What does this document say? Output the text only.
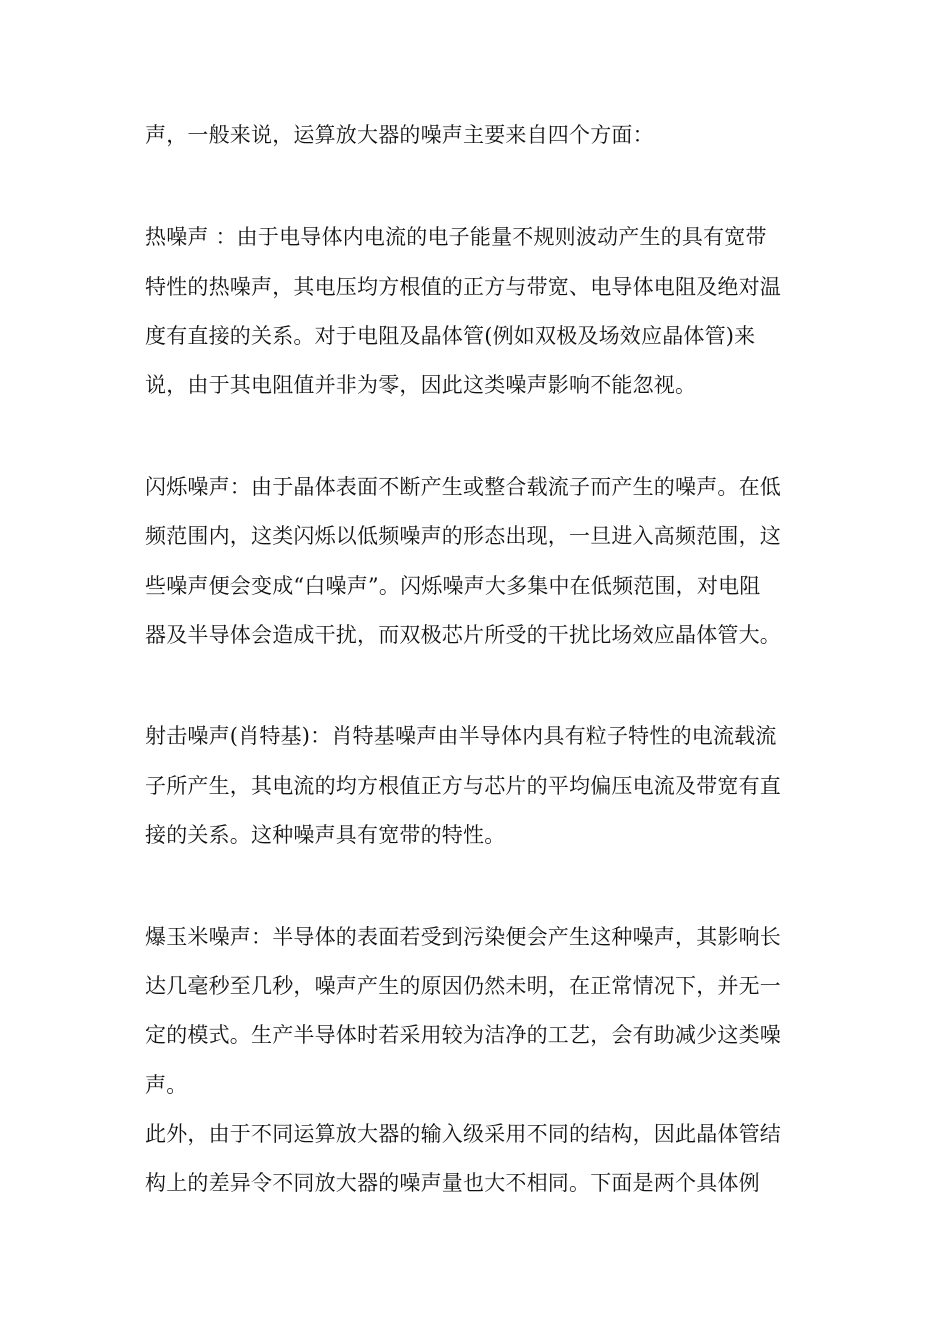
声，一般来说，运算放大器的噪声主要来自四个方面：
热噪声 ：由于电导体内电流的电子能量不规则波动产生的具有宽带
特性的热噪声，其电压均方根值的正方与带宽、电导体电阻及绝对温
度有直接的关系。对于电阻及晶体管(例如双极及场效应晶体管)来
说，由于其电阻值并非为零，因此这类噪声影响不能忽视。
闪烁噪声：由于晶体表面不断产生或整合载流子而产生的噪声。在低
频范围内，这类闪烁以低频噪声的形态出现，一旦进入高频范围，这
些噪声便会变成“白噪声”。闪烁噪声大多集中在低频范围，对电阻
器及半导体会造成干扰，而双极芯片所受的干扰比场效应晶体管大。
射击噪声(肖特基)：肖特基噪声由半导体内具有粒子特性的电流载流
子所产生，其电流的均方根值正方与芯片的平均偏压电流及带宽有直
接的关系。这种噪声具有宽带的特性。
爆玉米噪声：半导体的表面若受到污染便会产生这种噪声，其影响长
达几毫秒至几秒，噪声产生的原因仍然未明，在正常情况下，并无一
定的模式。生产半导体时若采用较为洁净的工艺，会有助减少这类噪
声。
此外，由于不同运算放大器的输入级采用不同的结构，因此晶体管结
构上的差异令不同放大器的噪声量也大不相同。下面是两个具体例
